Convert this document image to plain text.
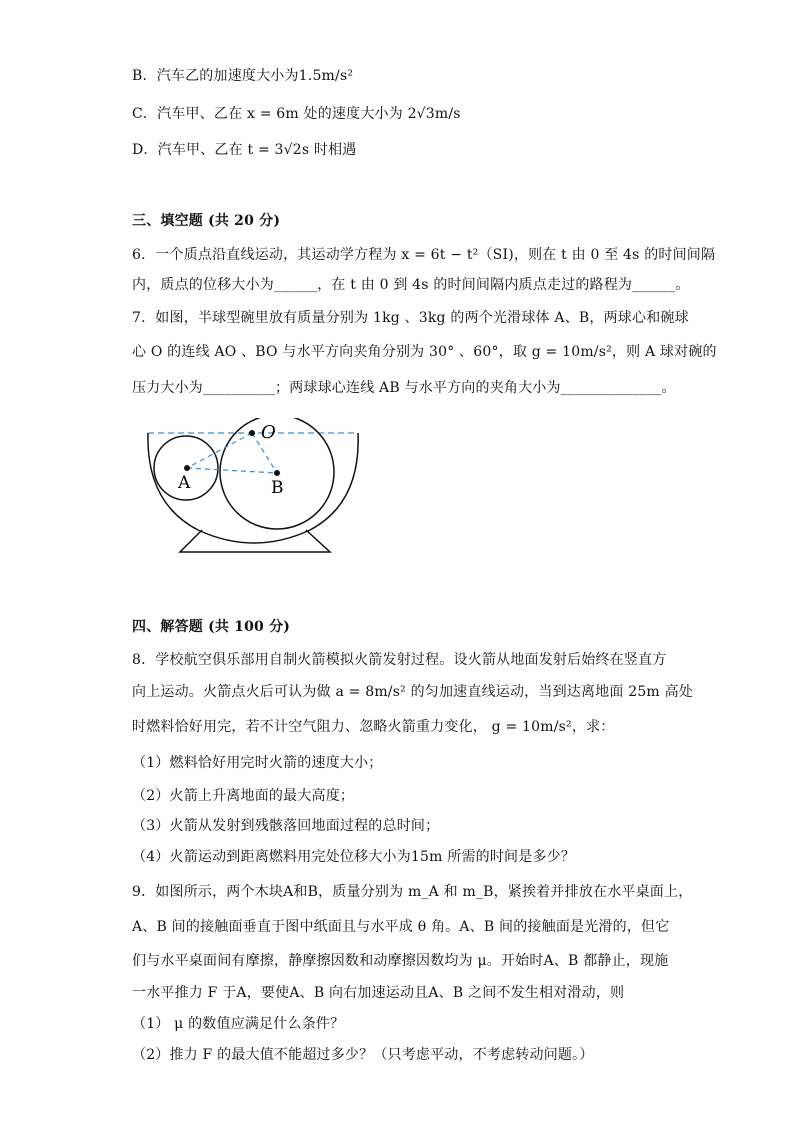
B．汽车乙的加速度大小为1.5m/s²
C．汽车甲、乙在 x = 6m 处的速度大小为 2√3m/s
D．汽车甲、乙在 t = 3√2s 时相遇
三、填空题 (共 20 分)
6．一个质点沿直线运动，其运动学方程为 x = 6t − t²（SI)，则在 t 由 0 至 4s 的时间间隔
内，质点的位移大小为______，在 t 由 0 到 4s 的时间间隔内质点走过的路程为______。
7．如图，半球型碗里放有质量分别为 1kg 、3kg 的两个光滑球体 A、B，两球心和碗球
心 O 的连线 AO 、BO 与水平方向夹角分别为 30° 、60°，取 g = 10m/s²，则 A 球对碗的
压力大小为__________；两球球心连线 AB 与水平方向的夹角大小为______________。
A	B
O
四、解答题 (共 100 分)
8．学校航空俱乐部用自制火箭模拟火箭发射过程。设火箭从地面发射后始终在竖直方
向上运动。火箭点火后可认为做 a = 8m/s² 的匀加速直线运动，当到达离地面 25m 高处
时燃料恰好用完，若不计空气阻力、忽略火箭重力变化， g = 10m/s²，求：
（1）燃料恰好用完时火箭的速度大小；
（2）火箭上升离地面的最大高度；
（3）火箭从发射到残骸落回地面过程的总时间；
（4）火箭运动到距离燃料用完处位移大小为15m 所需的时间是多少？
9．如图所示，两个木块A和B，质量分别为 m_A 和 m_B，紧挨着并排放在水平桌面上，
A、B 间的接触面垂直于图中纸面且与水平成 θ 角。A、B 间的接触面是光滑的，但它
们与水平桌面间有摩擦，静摩擦因数和动摩擦因数均为 μ。开始时A、B 都静止，现施
一水平推力 F 于A，要使A、B 向右加速运动且A、B 之间不发生相对滑动，则
（1） μ 的数值应满足什么条件？
（2）推力 F 的最大值不能超过多少？（只考虑平动，不考虑转动问题。）
